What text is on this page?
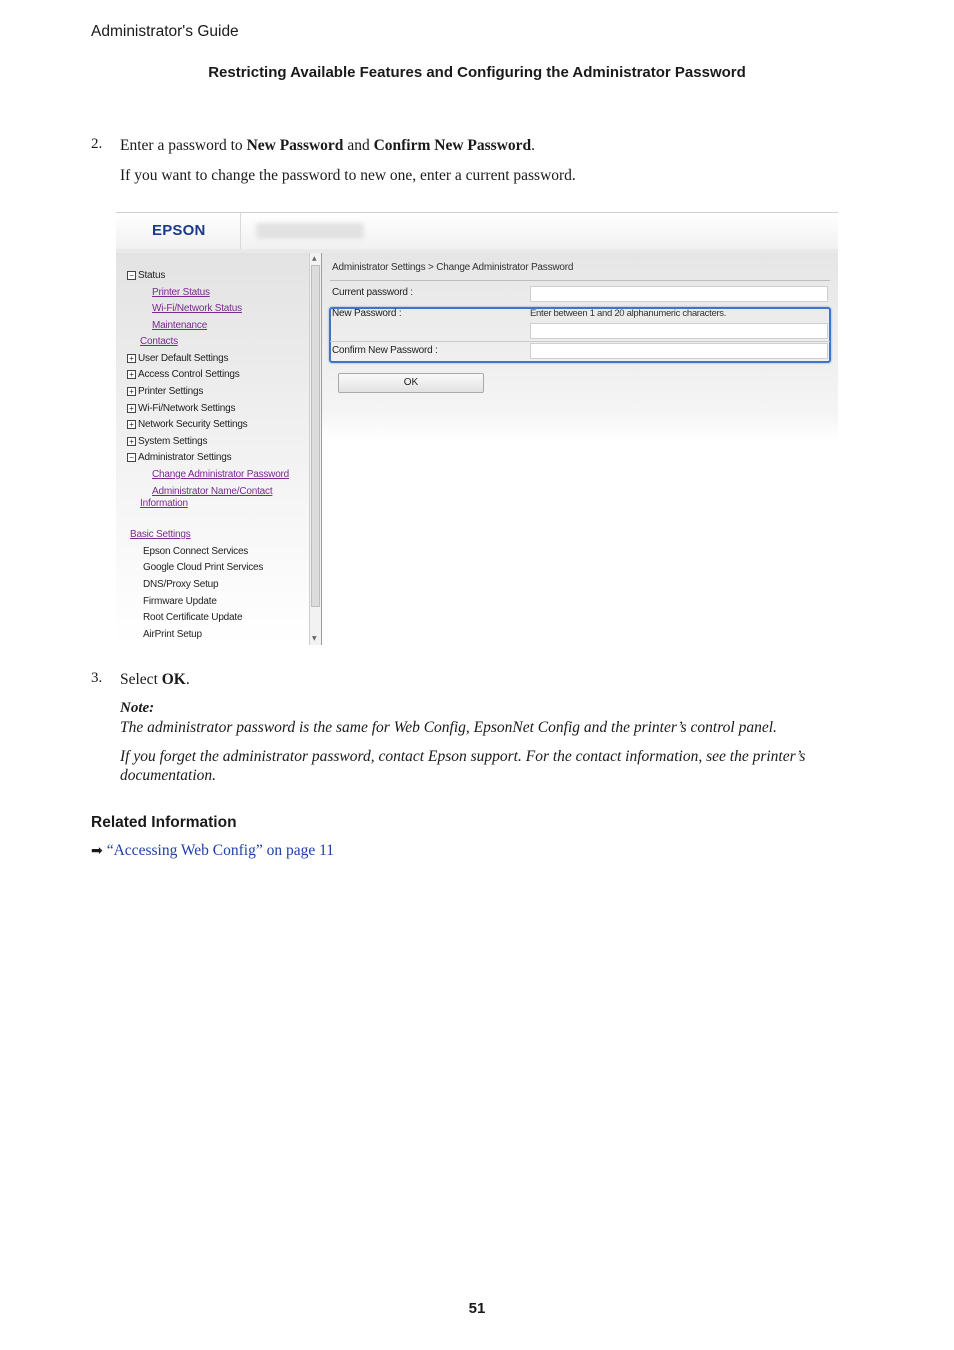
Administrator's Guide
Restricting Available Features and Configuring the Administrator Password
2. Enter a password to New Password and Confirm New Password.
If you want to change the password to new one, enter a current password.
EPSON
− Status
Printer Status
Wi-Fi/Network Status
Maintenance
Contacts
+ User Default Settings
+ Access Control Settings
+ Printer Settings
+ Wi-Fi/Network Settings
+ Network Security Settings
+ System Settings
− Administrator Settings
Change Administrator Password
Administrator Name/Contact
Information
Basic Settings
Epson Connect Services
Google Cloud Print Services
DNS/Proxy Setup
Firmware Update
Root Certificate Update
AirPrint Setup
▲
▼
Administrator Settings > Change Administrator Password
Current password :
New Password :	Enter between 1 and 20 alphanumeric characters.
Confirm New Password :
OK
3. Select OK.
Note:
The administrator password is the same for Web Config, EpsonNet Config and the printer’s control panel.
If you forget the administrator password, contact Epson support. For the contact information, see the printer’s
documentation.
Related Information
➡ “Accessing Web Config” on page 11
51
